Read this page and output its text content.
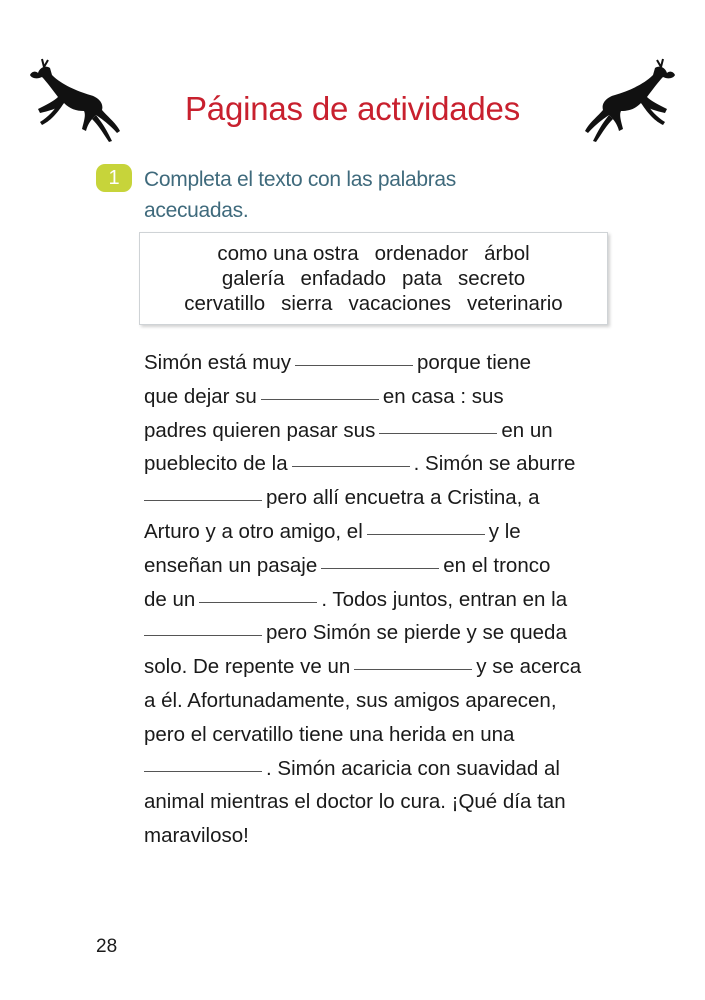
Páginas de actividades
1	Completa el texto con las palabras
acecuadas.
como una ostra ordenador árbol
galería enfadado pata secreto
cervatillo sierra vacaciones veterinario
Simón está muy	porque tiene
que dejar su	en casa : sus
padres quieren pasar sus	en un
pueblecito de la	. Simón se aburre
pero allí encuetra a Cristina, a
Arturo y a otro amigo, el	y le
enseñan un pasaje	en el tronco
de un	. Todos juntos, entran en la
pero Simón se pierde y se queda
solo. De repente ve un	y se acerca
a él. Afortunadamente, sus amigos aparecen,
pero el cervatillo tiene una herida en una
. Simón acaricia con suavidad al
animal mientras el doctor lo cura. ¡Qué día tan
maraviloso!
28
